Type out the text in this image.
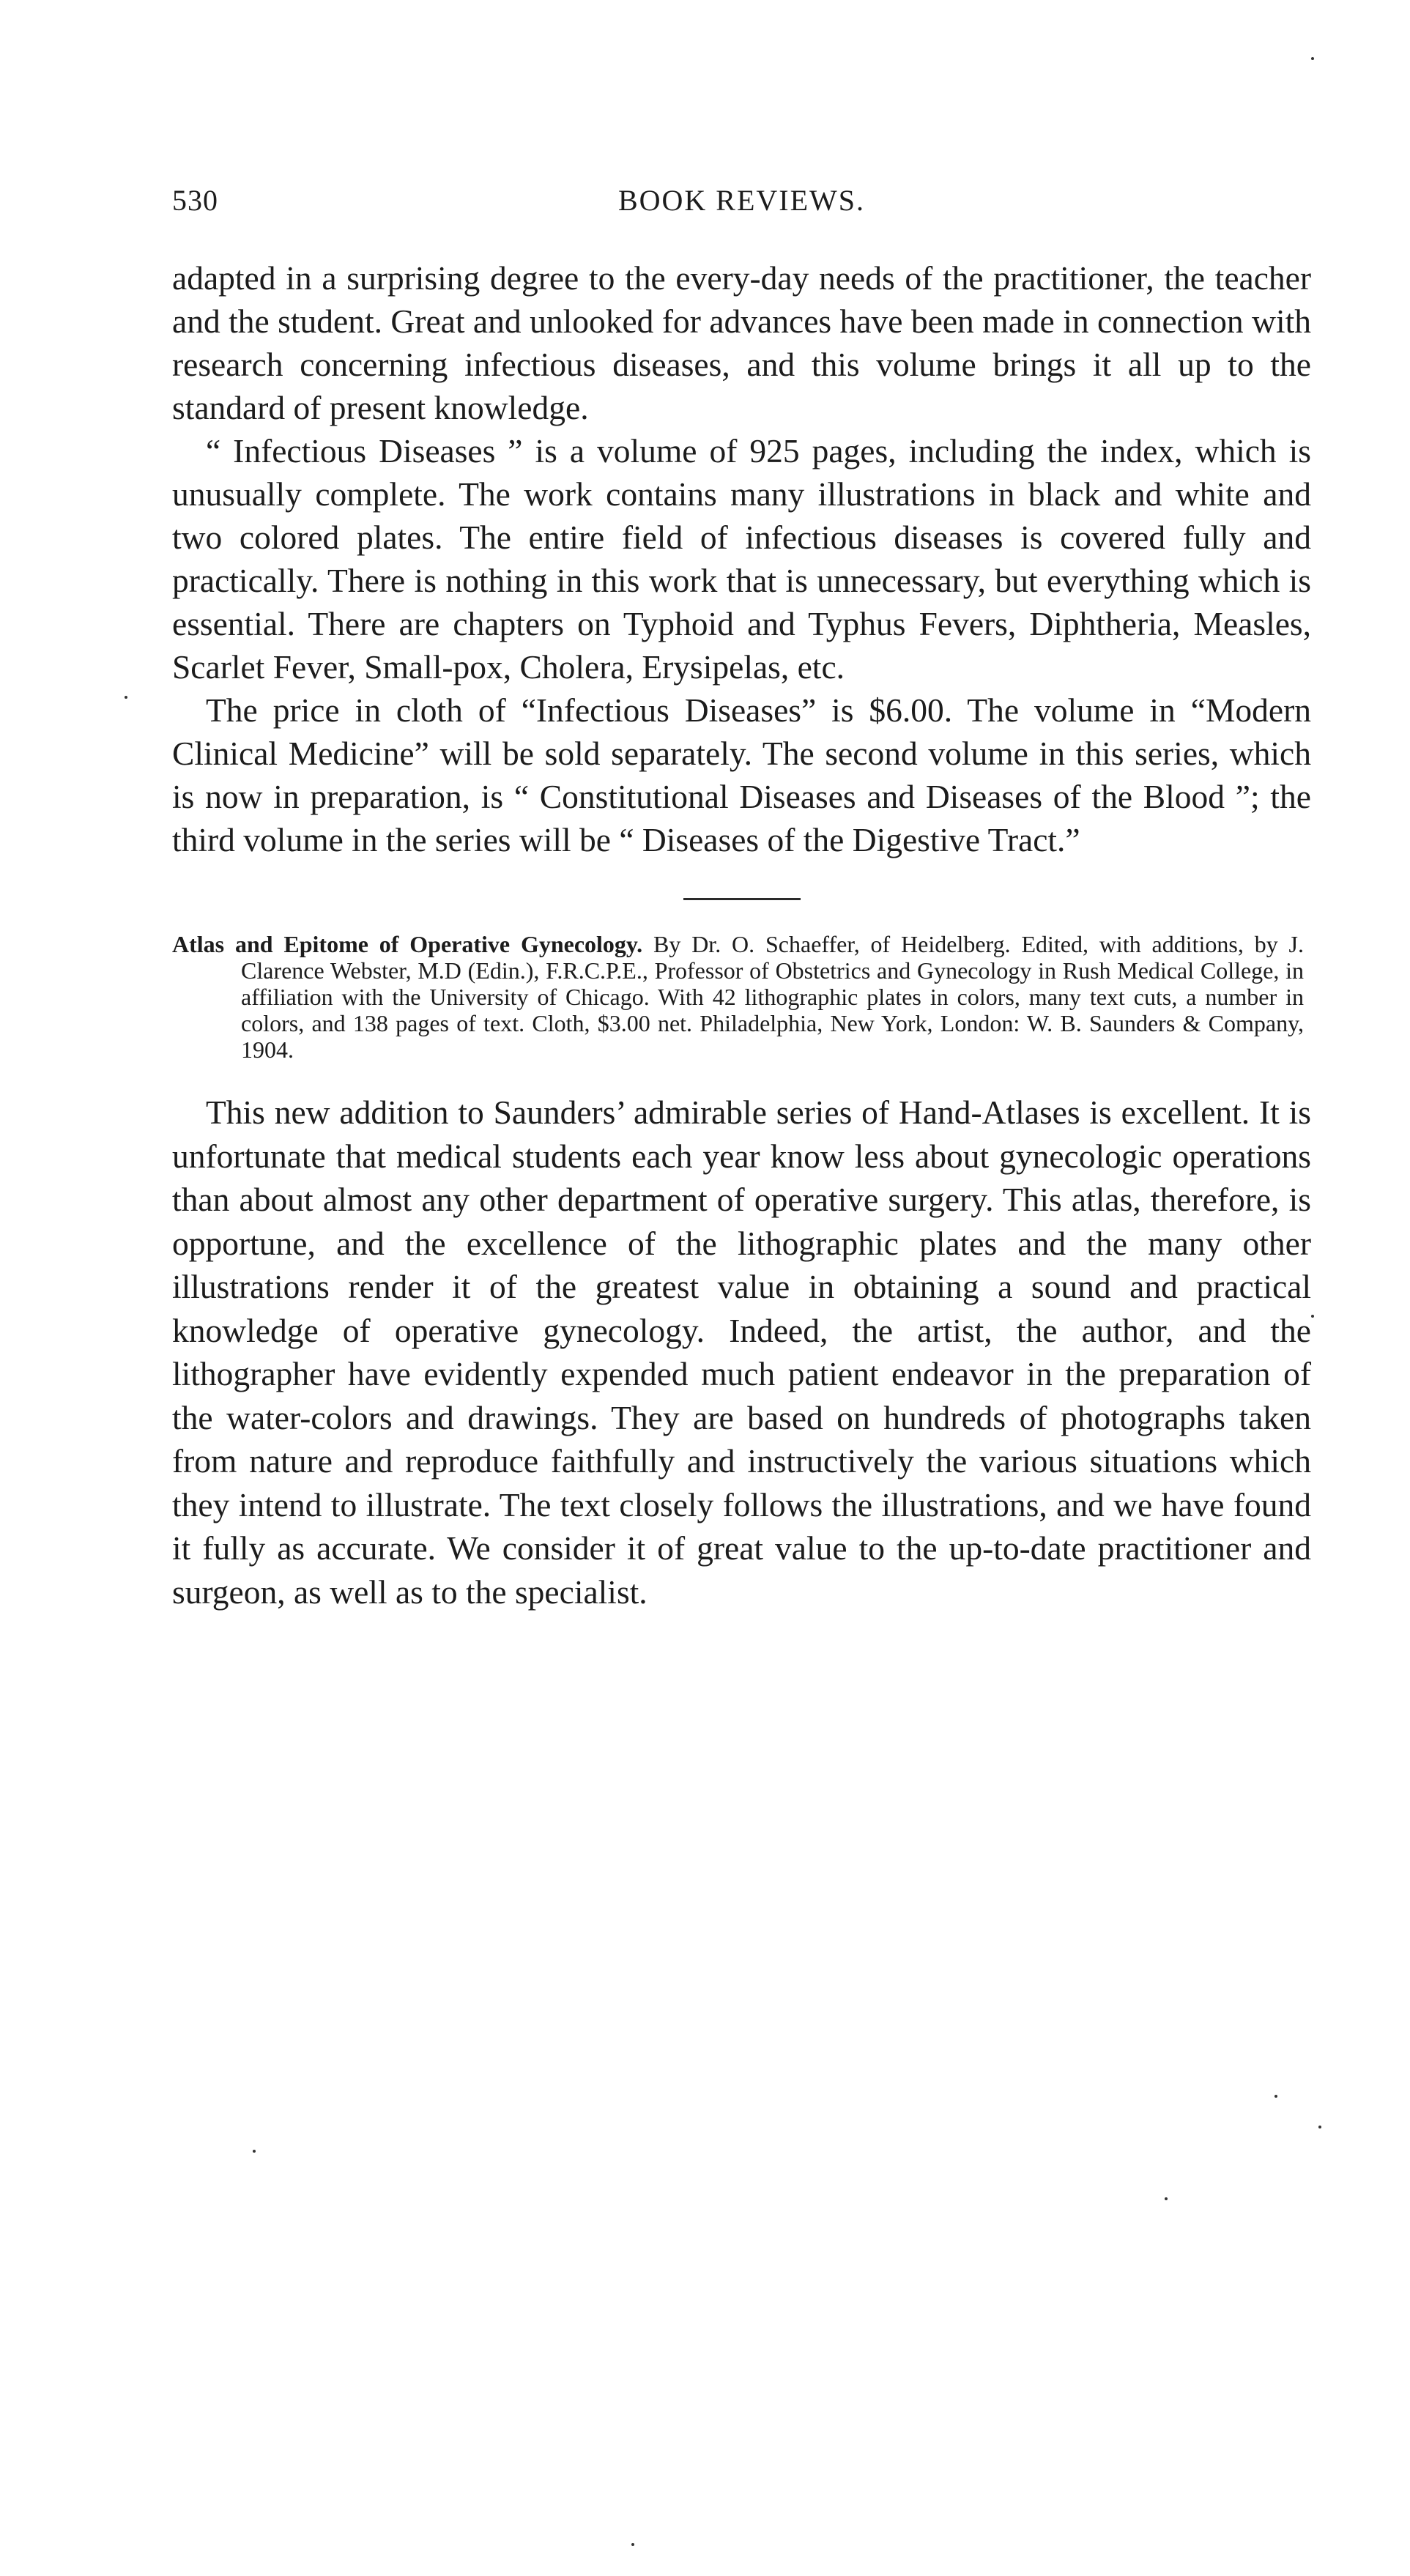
530	BOOK REVIEWS.

adapted in a surprising degree to the every-day needs of the practitioner, the teacher and the student. Great and unlooked for advances have been made in connection with research concerning infectious diseases, and this volume brings it all up to the standard of present knowledge.

“ Infectious Diseases ” is a volume of 925 pages, including the index, which is unusually complete. The work contains many illustrations in black and white and two colored plates. The entire field of infectious diseases is covered fully and practically. There is nothing in this work that is unnecessary, but everything which is essential. There are chapters on Typhoid and Typhus Fevers, Diphtheria, Measles, Scarlet Fever, Small-pox, Cholera, Erysipelas, etc.

The price in cloth of “Infectious Diseases” is $6.00. The volume in “Modern Clinical Medicine” will be sold separately. The second volume in this series, which is now in preparation, is “ Constitutional Diseases and Diseases of the Blood ”; the third volume in the series will be “ Diseases of the Digestive Tract.”

Atlas and Epitome of Operative Gynecology. By Dr. O. Schaeffer, of Heidelberg. Edited, with additions, by J. Clarence Webster, M.D (Edin.), F.R.C.P.E., Professor of Obstetrics and Gynecology in Rush Medical College, in affiliation with the University of Chicago. With 42 lithographic plates in colors, many text cuts, a number in colors, and 138 pages of text. Cloth, $3.00 net. Philadelphia, New York, London: W. B. Saunders & Company, 1904.

This new addition to Saunders’ admirable series of Hand-Atlases is excellent. It is unfortunate that medical students each year know less about gynecologic operations than about almost any other department of operative surgery. This atlas, therefore, is opportune, and the excellence of the lithographic plates and the many other illustrations render it of the greatest value in obtaining a sound and practical knowledge of operative gynecology. Indeed, the artist, the author, and the lithographer have evidently expended much patient endeavor in the preparation of the water-colors and drawings. They are based on hundreds of photographs taken from nature and reproduce faithfully and instructively the various situations which they intend to illustrate. The text closely follows the illustrations, and we have found it fully as accurate. We consider it of great value to the up-to-date practitioner and surgeon, as well as to the specialist.
